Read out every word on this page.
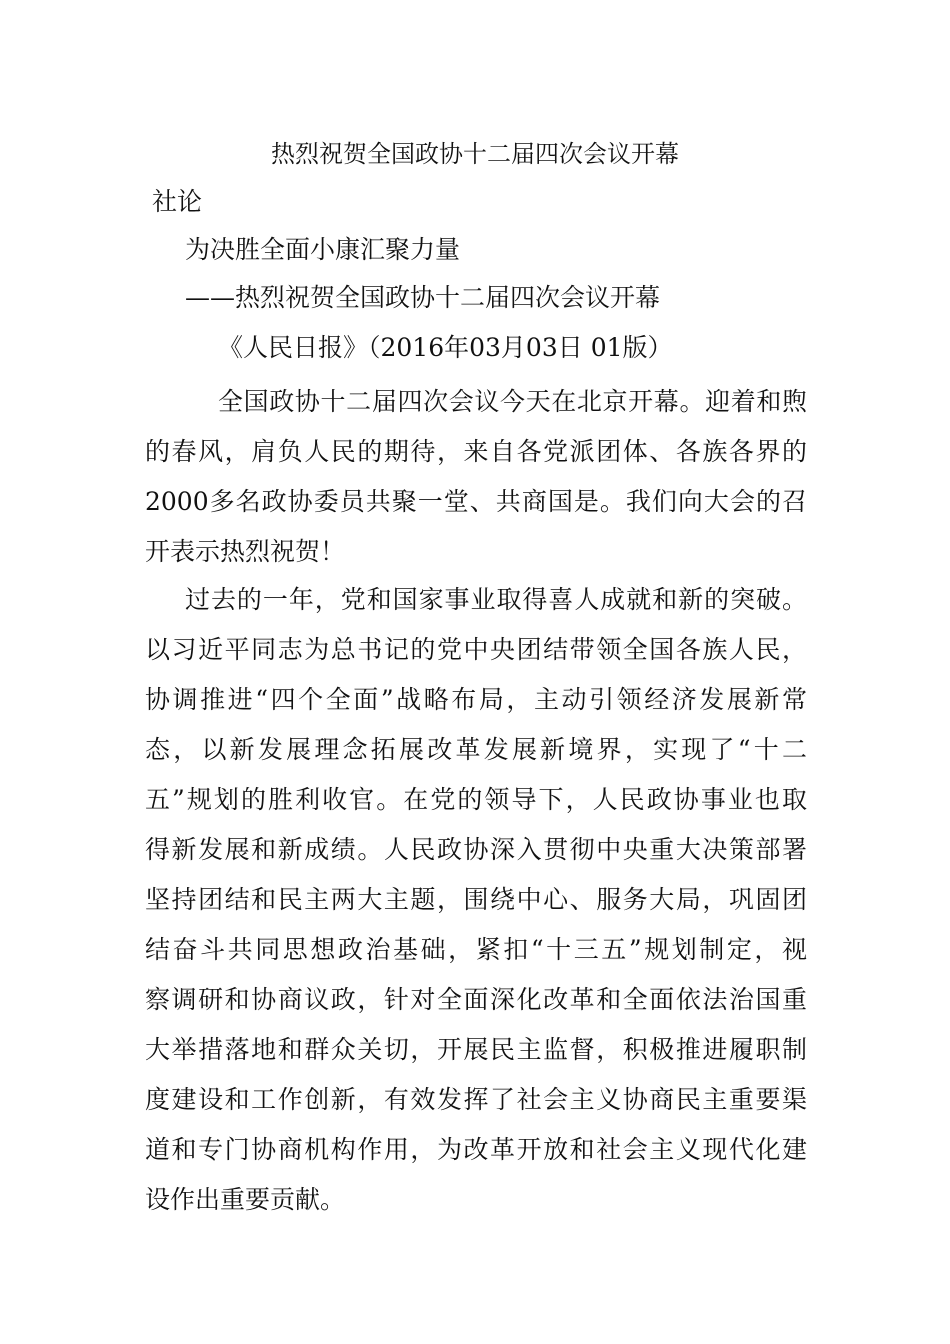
热烈祝贺全国政协十二届四次会议开幕
社论
为决胜全面小康汇聚力量
——热烈祝贺全国政协十二届四次会议开幕
《人民日报》（2016年03月03日 01版）
全国政协十二届四次会议今天在北京开幕。迎着和煦
的春风，肩负人民的期待，来自各党派团体、各族各界的
2000多名政协委员共聚一堂、共商国是。我们向大会的召
开表示热烈祝贺！
过去的一年，党和国家事业取得喜人成就和新的突破。
以习近平同志为总书记的党中央团结带领全国各族人民，
协调推进“四个全面”战略布局，主动引领经济发展新常
态，以新发展理念拓展改革发展新境界，实现了“十二
五”规划的胜利收官。在党的领导下，人民政协事业也取
得新发展和新成绩。人民政协深入贯彻中央重大决策部署
坚持团结和民主两大主题，围绕中心、服务大局，巩固团
结奋斗共同思想政治基础，紧扣“十三五”规划制定，视
察调研和协商议政，针对全面深化改革和全面依法治国重
大举措落地和群众关切，开展民主监督，积极推进履职制
度建设和工作创新，有效发挥了社会主义协商民主重要渠
道和专门协商机构作用，为改革开放和社会主义现代化建
设作出重要贡献。
